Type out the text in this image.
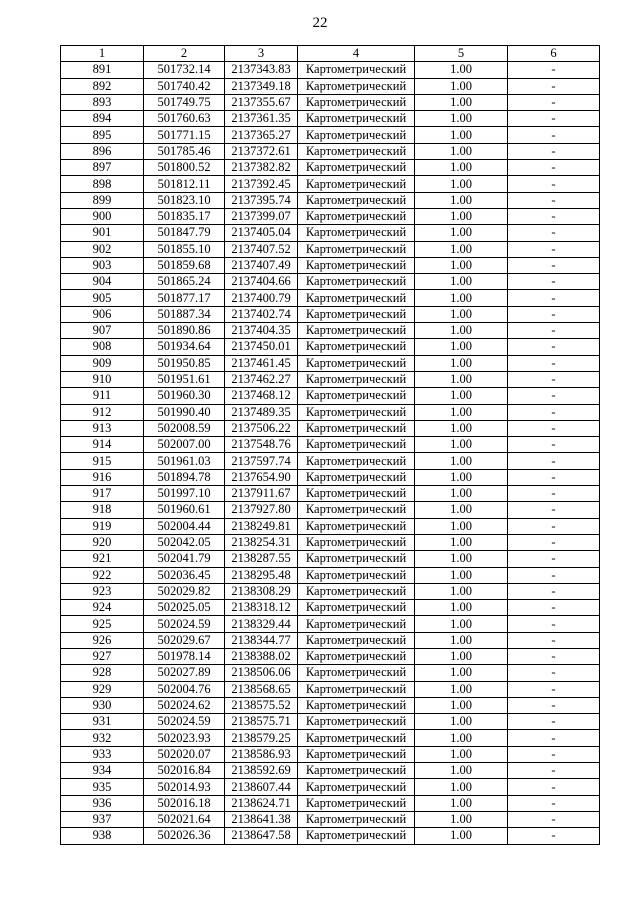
22
1	2	3	4	5	6
891	501732.14	2137343.83	Картометрический	1.00	-
892	501740.42	2137349.18	Картометрический	1.00	-
893	501749.75	2137355.67	Картометрический	1.00	-
894	501760.63	2137361.35	Картометрический	1.00	-
895	501771.15	2137365.27	Картометрический	1.00	-
896	501785.46	2137372.61	Картометрический	1.00	-
897	501800.52	2137382.82	Картометрический	1.00	-
898	501812.11	2137392.45	Картометрический	1.00	-
899	501823.10	2137395.74	Картометрический	1.00	-
900	501835.17	2137399.07	Картометрический	1.00	-
901	501847.79	2137405.04	Картометрический	1.00	-
902	501855.10	2137407.52	Картометрический	1.00	-
903	501859.68	2137407.49	Картометрический	1.00	-
904	501865.24	2137404.66	Картометрический	1.00	-
905	501877.17	2137400.79	Картометрический	1.00	-
906	501887.34	2137402.74	Картометрический	1.00	-
907	501890.86	2137404.35	Картометрический	1.00	-
908	501934.64	2137450.01	Картометрический	1.00	-
909	501950.85	2137461.45	Картометрический	1.00	-
910	501951.61	2137462.27	Картометрический	1.00	-
911	501960.30	2137468.12	Картометрический	1.00	-
912	501990.40	2137489.35	Картометрический	1.00	-
913	502008.59	2137506.22	Картометрический	1.00	-
914	502007.00	2137548.76	Картометрический	1.00	-
915	501961.03	2137597.74	Картометрический	1.00	-
916	501894.78	2137654.90	Картометрический	1.00	-
917	501997.10	2137911.67	Картометрический	1.00	-
918	501960.61	2137927.80	Картометрический	1.00	-
919	502004.44	2138249.81	Картометрический	1.00	-
920	502042.05	2138254.31	Картометрический	1.00	-
921	502041.79	2138287.55	Картометрический	1.00	-
922	502036.45	2138295.48	Картометрический	1.00	-
923	502029.82	2138308.29	Картометрический	1.00	-
924	502025.05	2138318.12	Картометрический	1.00	-
925	502024.59	2138329.44	Картометрический	1.00	-
926	502029.67	2138344.77	Картометрический	1.00	-
927	501978.14	2138388.02	Картометрический	1.00	-
928	502027.89	2138506.06	Картометрический	1.00	-
929	502004.76	2138568.65	Картометрический	1.00	-
930	502024.62	2138575.52	Картометрический	1.00	-
931	502024.59	2138575.71	Картометрический	1.00	-
932	502023.93	2138579.25	Картометрический	1.00	-
933	502020.07	2138586.93	Картометрический	1.00	-
934	502016.84	2138592.69	Картометрический	1.00	-
935	502014.93	2138607.44	Картометрический	1.00	-
936	502016.18	2138624.71	Картометрический	1.00	-
937	502021.64	2138641.38	Картометрический	1.00	-
938	502026.36	2138647.58	Картометрический	1.00	-
